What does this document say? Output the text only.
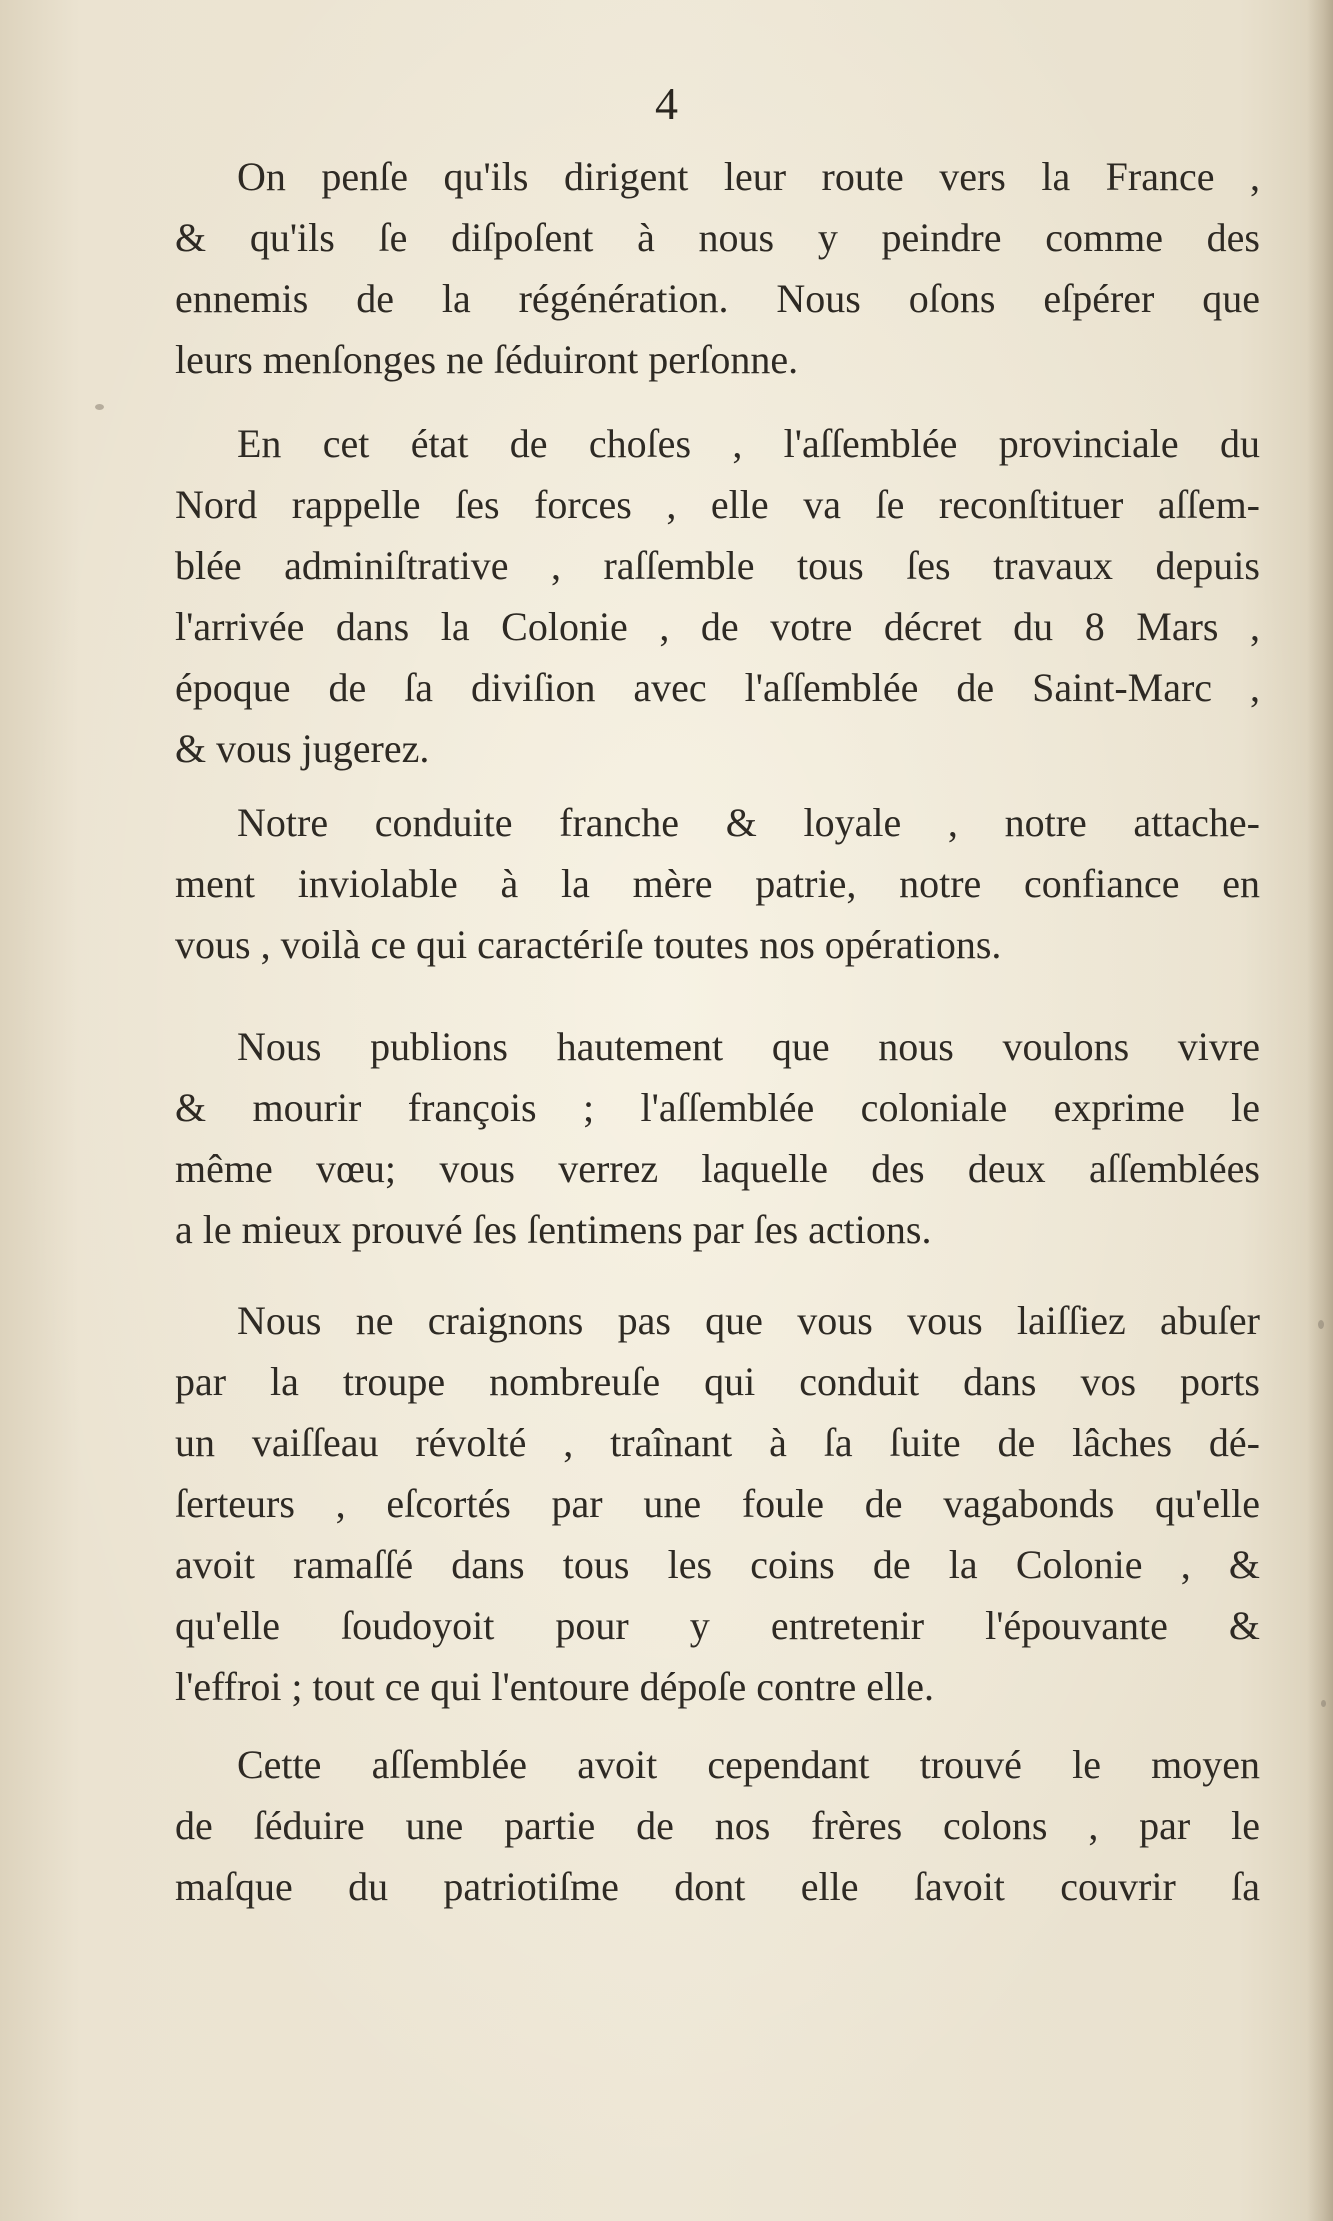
4
On penſe qu'ils dirigent leur route vers la France ,
& qu'ils ſe diſpoſent à nous y peindre comme des
ennemis de la régénération. Nous oſons eſpérer que
leurs menſonges ne ſéduiront perſonne.
En cet état de choſes , l'aſſemblée provinciale du
Nord rappelle ſes forces , elle va ſe reconſtituer aſſem-
blée adminiſtrative , raſſemble tous ſes travaux depuis
l'arrivée dans la Colonie , de votre décret du 8 Mars ,
époque de ſa diviſion avec l'aſſemblée de Saint-Marc ,
& vous jugerez.
Notre conduite franche & loyale , notre attache-
ment inviolable à la mère patrie, notre confiance en
vous , voilà ce qui caractériſe toutes nos opérations.
Nous publions hautement que nous voulons vivre
& mourir françois ; l'aſſemblée coloniale exprime le
même vœu; vous verrez laquelle des deux aſſemblées
a le mieux prouvé ſes ſentimens par ſes actions.
Nous ne craignons pas que vous vous laiſſiez abuſer
par la troupe nombreuſe qui conduit dans vos ports
un vaiſſeau révolté , traînant à ſa ſuite de lâches dé-
ſerteurs , eſcortés par une foule de vagabonds qu'elle
avoit ramaſſé dans tous les coins de la Colonie , &
qu'elle ſoudoyoit pour y entretenir l'épouvante &
l'effroi ; tout ce qui l'entoure dépoſe contre elle.
Cette aſſemblée avoit cependant trouvé le moyen
de ſéduire une partie de nos frères colons , par le
maſque du patriotiſme dont elle ſavoit couvrir ſa
